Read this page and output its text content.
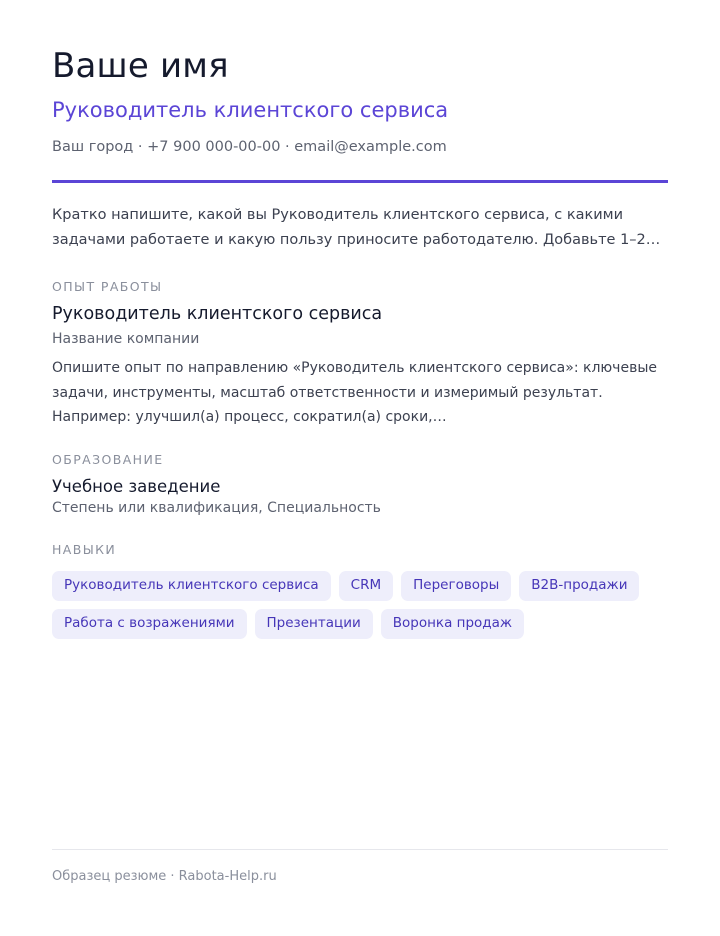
Ваше имя
Руководитель клиентского сервиса
Ваш город · +7 900 000-00-00 · email@example.com
Кратко напишите, какой вы Руководитель клиентского сервиса, с какими задачами работаете и какую пользу приносите работодателю. Добавьте 1–2…
ОПЫТ РАБОТЫ
Руководитель клиентского сервиса
Название компании
Опишите опыт по направлению «Руководитель клиентского сервиса»: ключевые задачи, инструменты, масштаб ответственности и измеримый результат. Например: улучшил(а) процесс, сократил(а) сроки,…
ОБРАЗОВАНИЕ
Учебное заведение
Степень или квалификация, Специальность
НАВЫКИ
Руководитель клиентского сервиса	CRM	Переговоры	B2B-продажи
Работа с возражениями	Презентации	Воронка продаж
Образец резюме · Rabota-Help.ru
